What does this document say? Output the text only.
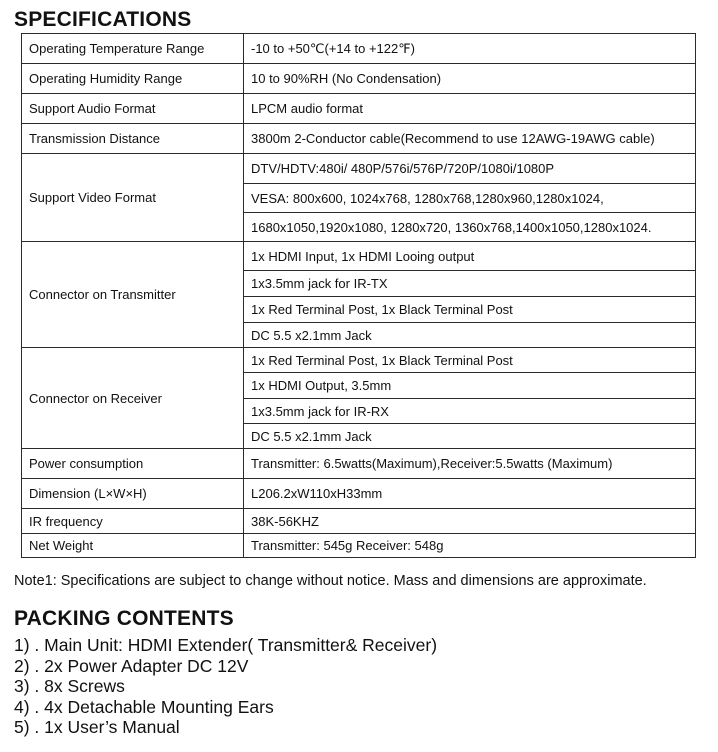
SPECIFICATIONS
Operating Temperature Range	-10 to +50℃(+14 to +122℉)
Operating Humidity Range	10 to 90%RH (No Condensation)
Support Audio Format	LPCM audio format
Transmission Distance	3800m 2-Conductor cable(Recommend to use 12AWG-19AWG cable)
Support Video Format	DTV/HDTV:480i/ 480P/576i/576P/720P/1080i/1080P
	VESA: 800x600, 1024x768, 1280x768,1280x960,1280x1024,
	1680x1050,1920x1080, 1280x720, 1360x768,1400x1050,1280x1024.
Connector on Transmitter	1x HDMI Input, 1x HDMI Looing output
	1x3.5mm jack for IR-TX
	1x Red Terminal Post, 1x Black Terminal Post
	DC 5.5 x2.1mm Jack
Connector on Receiver	1x Red Terminal Post, 1x Black Terminal Post
	1x HDMI Output, 3.5mm
	1x3.5mm jack for IR-RX
	DC 5.5 x2.1mm Jack
Power consumption	Transmitter: 6.5watts(Maximum),Receiver:5.5watts (Maximum)
Dimension (L×W×H)	L206.2xW110xH33mm
IR frequency	38K-56KHZ
Net Weight	Transmitter: 545g Receiver: 548g
Note1: Specifications are subject to change without notice. Mass and dimensions are approximate.
PACKING CONTENTS
1) . Main Unit: HDMI Extender( Transmitter& Receiver)
2) . 2x Power Adapter DC 12V
3) . 8x Screws
4) . 4x Detachable Mounting Ears
5) . 1x User’s Manual
